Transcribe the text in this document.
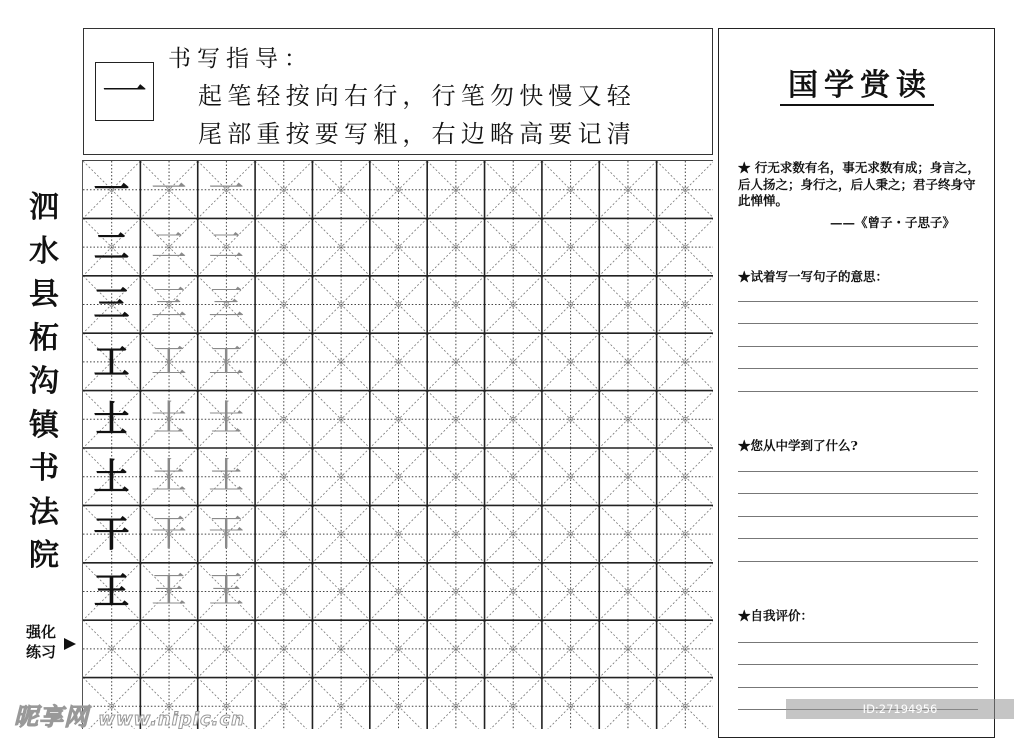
一
书写指导：
起笔轻按向右行，行笔勿快慢又轻
尾部重按要写粗，右边略高要记清
泗
水
县
柘
沟
镇
书
法
院
强化
练习
一 一 一
二 二 二
三 三 三
工 工 工
士 士 士
土 土 土
干 干 干
王 王 王
国学赏读
★ 行无求数有名，事无求数有成；身言之，后人扬之；身行之，后人秉之；君子终身守此惮惮。
——《曾子・子思子》
★试着写一写句子的意思：
★您从中学到了什么?
★自我评价：
昵享网 www.nipic.cn	ID:27194956 NO:20200417135853471000
